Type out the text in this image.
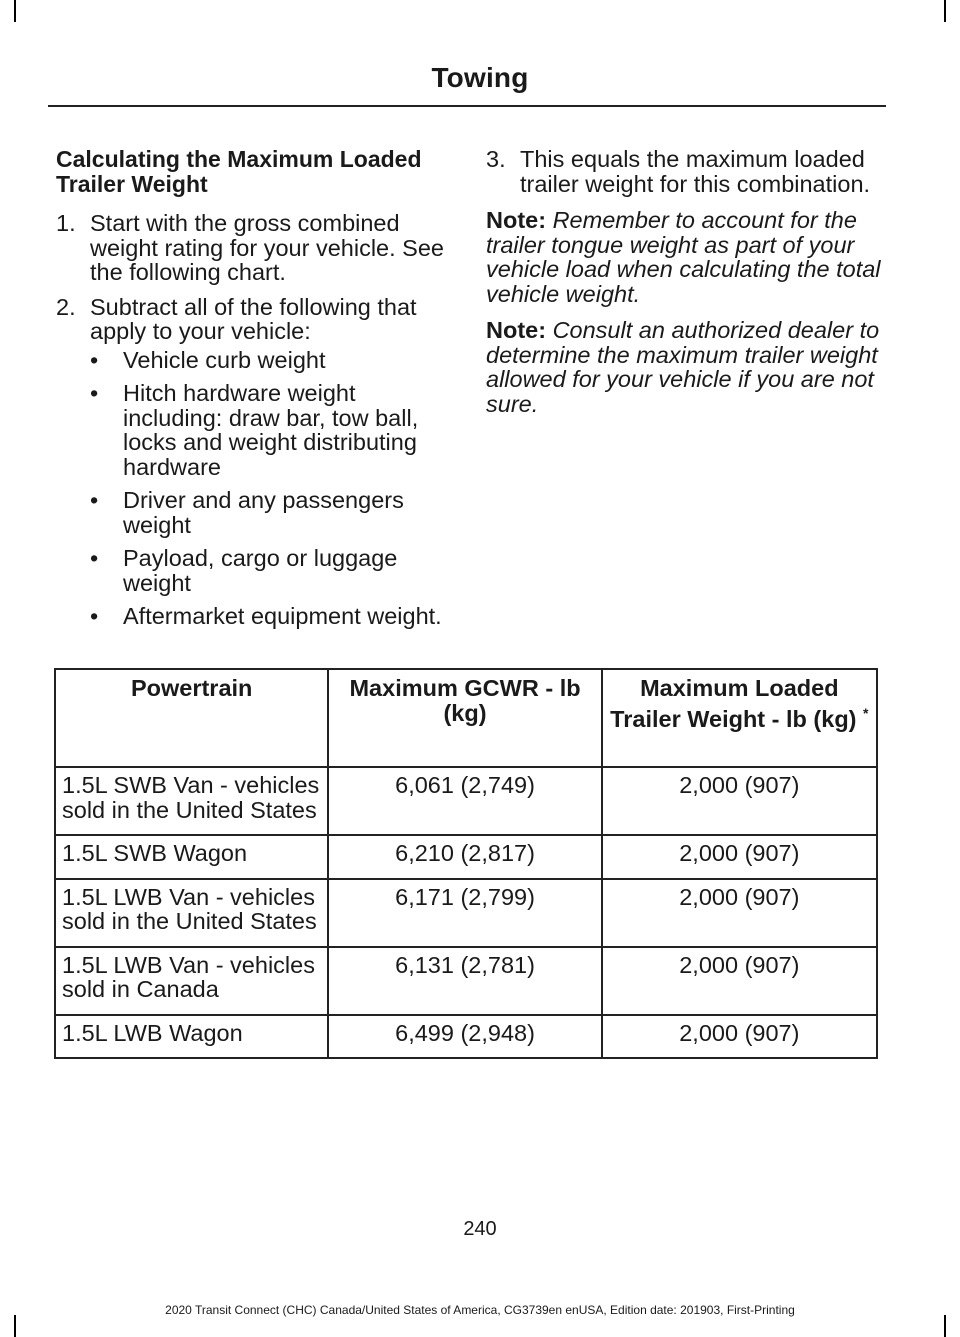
Towing
Calculating the Maximum Loaded Trailer Weight
1. Start with the gross combined weight rating for your vehicle. See the following chart.
2. Subtract all of the following that apply to your vehicle:
•	Vehicle curb weight
•	Hitch hardware weight including: draw bar, tow ball, locks and weight distributing hardware
•	Driver and any passengers weight
•	Payload, cargo or luggage weight
•	Aftermarket equipment weight.
3. This equals the maximum loaded trailer weight for this combination.
Note: Remember to account for the trailer tongue weight as part of your vehicle load when calculating the total vehicle weight.
Note: Consult an authorized dealer to determine the maximum trailer weight allowed for your vehicle if you are not sure.
Powertrain	Maximum GCWR - lb (kg)	Maximum Loaded Trailer Weight - lb (kg) *
1.5L SWB Van - vehicles sold in the United States	6,061 (2,749)	2,000 (907)
1.5L SWB Wagon	6,210 (2,817)	2,000 (907)
1.5L LWB Van - vehicles sold in the United States	6,171 (2,799)	2,000 (907)
1.5L LWB Van - vehicles sold in Canada	6,131 (2,781)	2,000 (907)
1.5L LWB Wagon	6,499 (2,948)	2,000 (907)
240
2020 Transit Connect (CHC) Canada/United States of America, CG3739en enUSA, Edition date: 201903, First-Printing
